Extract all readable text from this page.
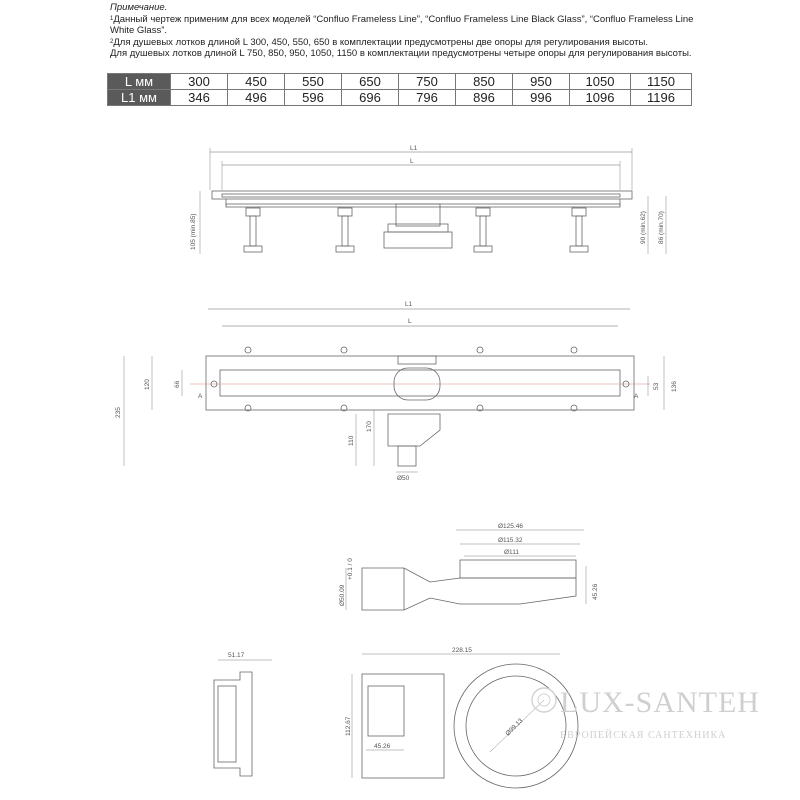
Примечание.

$^1$Данный чертеж применим для всех моделей “Confluo Frameless Line”, “Confluo Frameless Line Black Glass”, “Confluo Frameless Line White Glass”.

$^2$Для душевых лотков длиной L 300, 450, 550, 650 в комплектации предусмотрены две опоры для регулирования высоты.

Для душевых лотков длиной L 750, 850, 950, 1050, 1150 в комплектации предусмотрены четыре опоры для регулирования высоты.

L мм	300	450	550	650	750	850	950	1050	1150
L1 мм	346	496	596	696	796	896	996	1096	1196
L1
L
105 (min.85)	90 (min.62) 86 (min.70)
L1
L
235
120	66
A
53 136
A
170
110
Ø50
Ø125.46
Ø115.32
Ø111
Ø50.09
+0.1 / 0
45.26
51.17
228.15
Ø99.13
112.67
45.26
LUX-SANTEH
ЕВРОПЕЙСКАЯ САНТЕХНИКА
